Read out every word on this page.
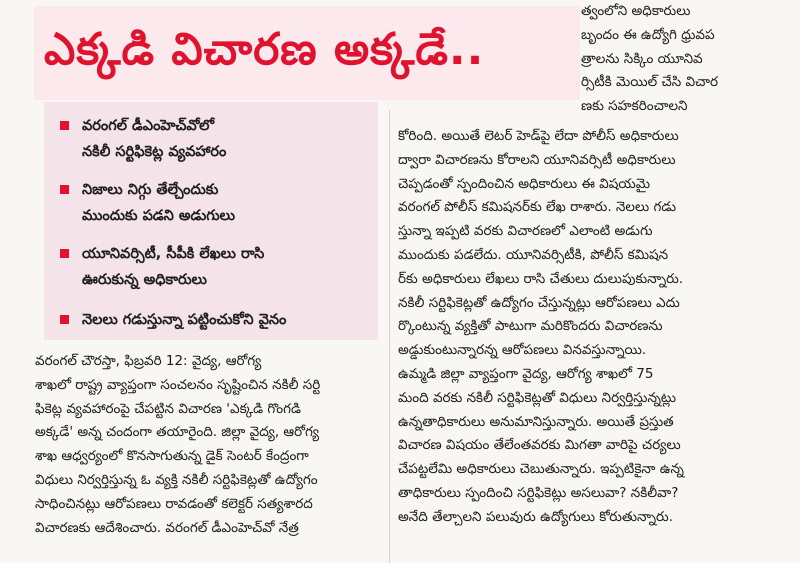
ఎక్కడి విచారణ అక్కడే..
వరంగల్ డీఎంహెచ్‌వోలో
నకిలీ సర్టిఫికెట్ల వ్యవహారం
నిజాలు నిగ్గు తేల్చేందుకు
ముందుకు పడని అడుగులు
యూనివర్సిటీ, సీపీకి లేఖలు రాసి
ఊరుకున్న అధికారులు
నెలలు గడుస్తున్నా పట్టించుకోని వైనం
త్వంలోని అధికారులు
బృందం ఈ ఉద్యోగి ధ్రువప
త్రాలను సిక్కిం యూనివ
ర్సిటీకి మెయిల్ చేసి విచార
ణకు సహకరించాలని
కోరింది. అయితే లెటర్ హెడ్‌పై లేదా పోలీస్ అధికారులు
ద్వారా విచారణను కోరాలని యూనివర్సిటీ అధికారులు
చెప్పడంతో స్పందించిన అధికారులు ఈ విషయమై
వరంగల్ పోలీస్ కమిషనర్‌కు లేఖ రాశారు. నెలలు గడు
స్తున్నా ఇప్పటి వరకు విచారణలో ఎలాంటి అడుగు
ముందుకు పడలేదు. యూనివర్సిటీకి, పోలీస్ కమిషన
ర్‌కు అధికారులు లేఖలు రాసి చేతులు దులుపుకున్నారు.
నకిలీ సర్టిఫికెట్లతో ఉద్యోగం చేస్తున్నట్లు ఆరోపణలు ఎదు
ర్కొంటున్న వ్యక్తితో పాటుగా మరికొందరు విచారణను
అడ్డుకుంటున్నారన్న ఆరోపణలు వినవస్తున్నాయి.
ఉమ్మడి జిల్లా వ్యాప్తంగా వైద్య, ఆరోగ్య శాఖలో 75
మంది వరకు నకిలీ సర్టిఫికెట్లతో విధులు నిర్వర్తిస్తున్నట్లు
ఉన్నతాధికారులు అనుమానిస్తున్నారు. అయితే ప్రస్తుత
విచారణ విషయం తేలేంతవరకు మిగతా వారిపై చర్యలు
చేపట్టలేమి అధికారులు చెబుతున్నారు. ఇప్పటికైనా ఉన్న
తాధికారులు స్పందించి సర్టిఫికెట్లు అసలువా? నకిలీవా?
అనేది తేల్చాలని పలువురు ఉద్యోగులు కోరుతున్నారు.
వరంగల్ చౌరస్తా, ఫిబ్రవరి 12: వైద్య, ఆరోగ్య
శాఖలో రాష్ట్ర వ్యాప్తంగా సంచలనం సృష్టించిన నకిలీ సర్టి
ఫికెట్ల వ్యవహారంపై చేపట్టిన విచారణ 'ఎక్కడి గొంగడి
అక్కడే' అన్న చందంగా తయారైంది. జిల్లా వైద్య, ఆరోగ్య
శాఖ ఆధ్వర్యంలో కొనసాగుతున్న డైక్ సెంటర్ కేంద్రంగా
విధులు నిర్వర్తిస్తున్న ఓ వ్యక్తి నకిలీ సర్టిఫికెట్లతో ఉద్యోగం
సాధించినట్లు ఆరోపణలు రావడంతో కలెక్టర్ సత్యశారద
విచారణకు ఆదేశించారు. వరంగల్ డీఎంహెచ్‌వో నేత్ర
